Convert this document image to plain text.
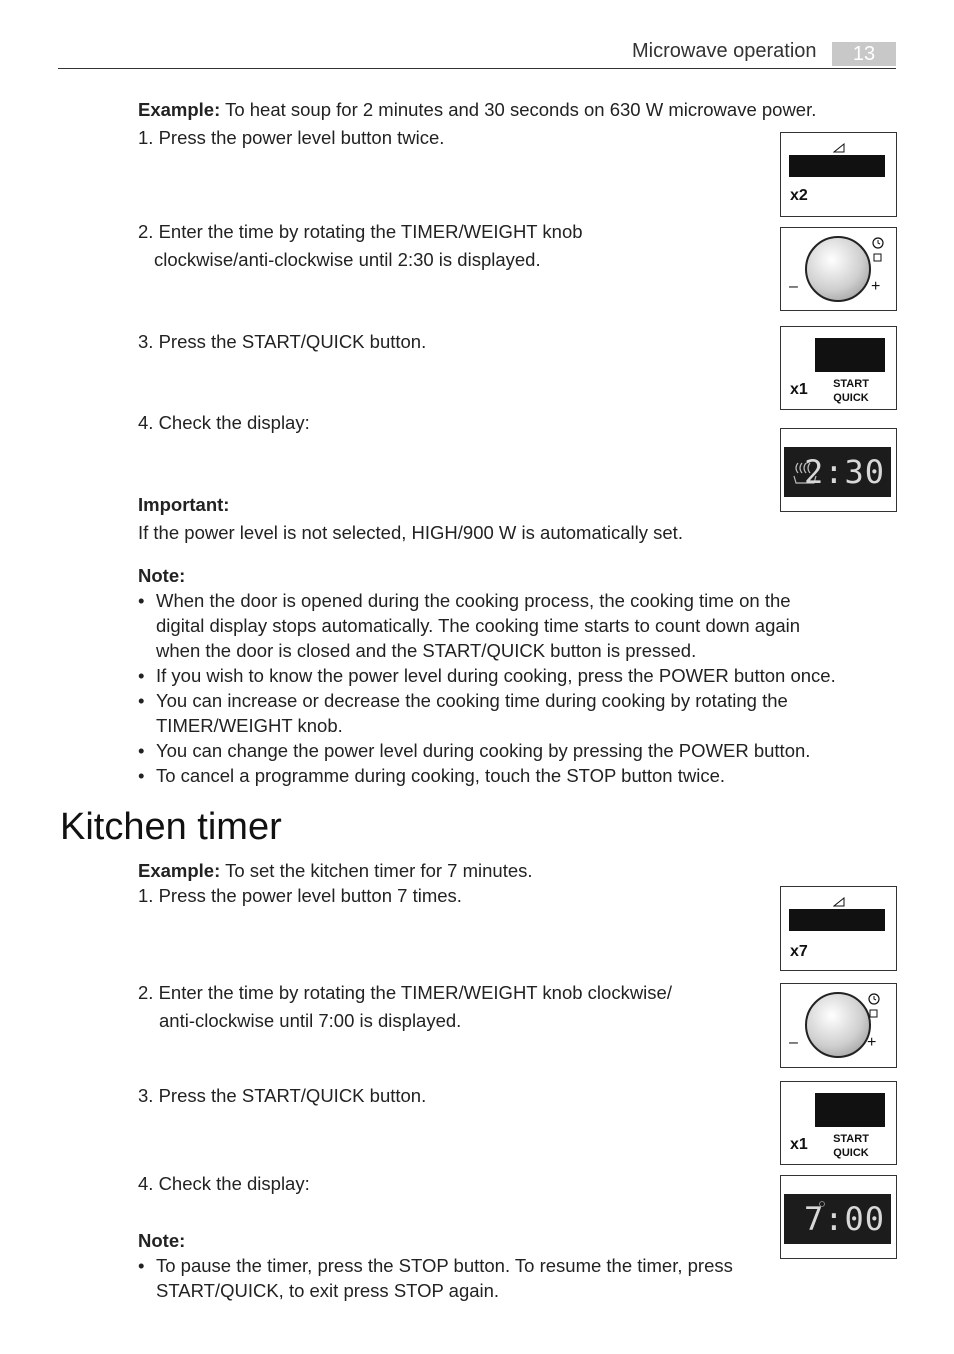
Microwave operation	13
Example: To heat soup for 2 minutes and 30 seconds on 630 W microwave power.
1. Press the power level button twice.
2. Enter the time by rotating the TIMER/WEIGHT knob
clockwise/anti-clockwise until 2:30 is displayed.
3. Press the START/QUICK button.
4. Check the display:
Important:
If the power level is not selected, HIGH/900 W is automatically set.
Note:
• When the door is opened during the cooking process, the cooking time on the
digital display stops automatically. The cooking time starts to count down again
when the door is closed and the START/QUICK button is pressed.
• If you wish to know the power level during cooking, press the POWER button once.
• You can increase or decrease the cooking time during cooking by rotating the
TIMER/WEIGHT knob.
• You can change the power level during cooking by pressing the POWER button.
• To cancel a programme during cooking, touch the STOP button twice.
x2
–	+
x1	START
QUICK
2:30
Kitchen timer
Example: To set the kitchen timer for 7 minutes.
1. Press the power level button 7 times.
2. Enter the time by rotating the TIMER/WEIGHT knob clockwise/
anti-clockwise until 7:00 is displayed.
3. Press the START/QUICK button.
4. Check the display:
Note:
• To pause the timer, press the STOP button. To resume the timer, press
START/QUICK, to exit press STOP again.
x7
–	+
x1	START
QUICK
7:00
